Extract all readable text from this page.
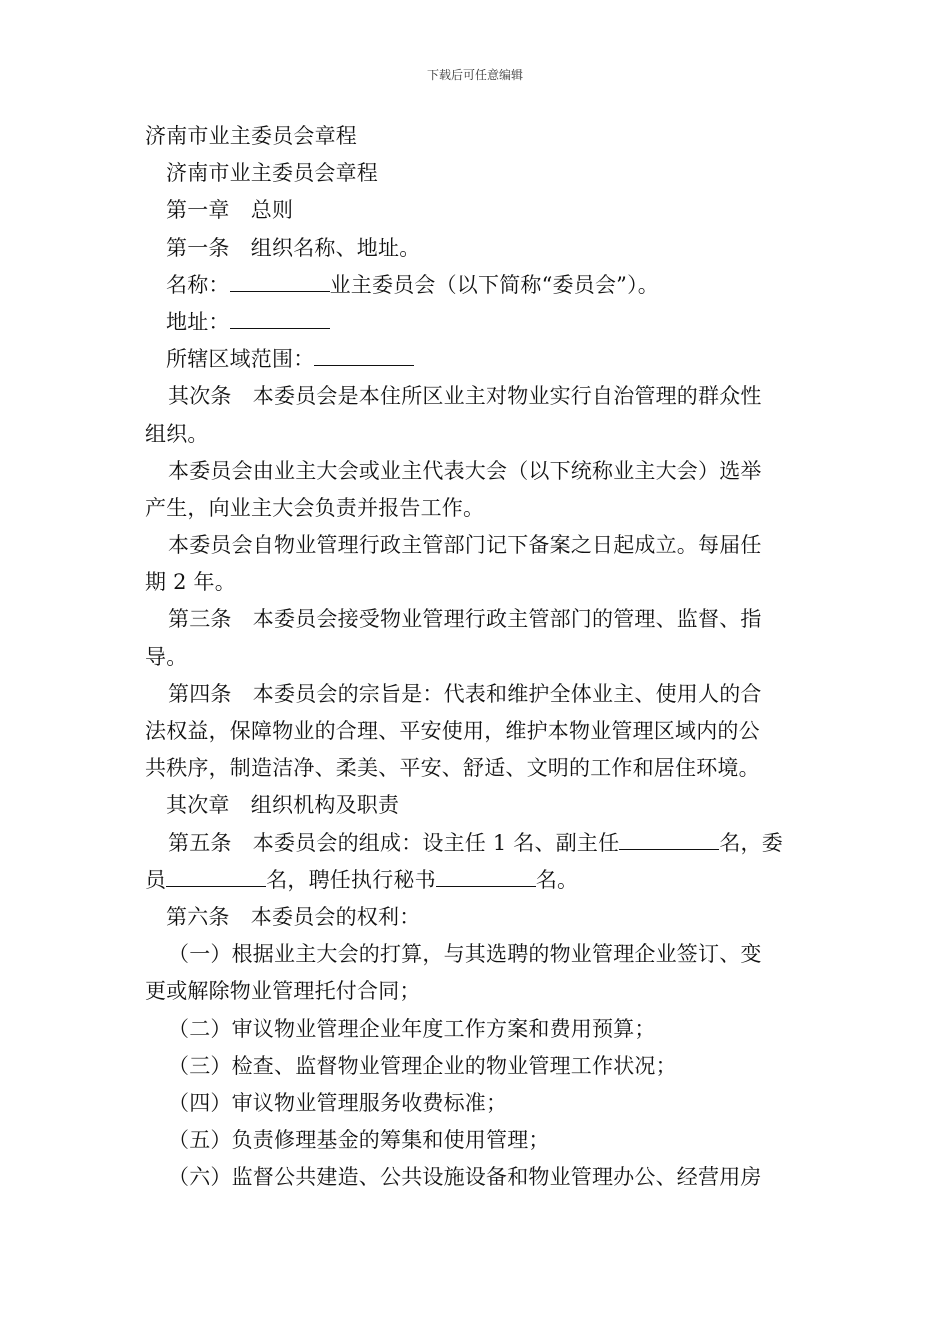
下载后可任意编辑
济南市业主委员会章程
济南市业主委员会章程
第一章　总则
第一条　组织名称、地址。
名称：	业主委员会（以下简称“委员会”）。
地址：
所辖区域范围：
其次条　本委员会是本住所区业主对物业实行自治管理的群众性
组织。
本委员会由业主大会或业主代表大会（以下统称业主大会）选举
产生，向业主大会负责并报告工作。
本委员会自物业管理行政主管部门记下备案之日起成立。每届任
期 2 年。
第三条　本委员会接受物业管理行政主管部门的管理、监督、指
导。
第四条　本委员会的宗旨是：代表和维护全体业主、使用人的合
法权益，保障物业的合理、平安使用，维护本物业管理区域内的公
共秩序，制造洁净、柔美、平安、舒适、文明的工作和居住环境。
其次章　组织机构及职责
第五条　本委员会的组成：设主任 1 名、副主任	名，委
员	名，聘任执行秘书	名。
第六条　本委员会的权利：
（一）根据业主大会的打算，与其选聘的物业管理企业签订、变
更或解除物业管理托付合同；
（二）审议物业管理企业年度工作方案和费用预算；
（三）检查、监督物业管理企业的物业管理工作状况；
（四）审议物业管理服务收费标准；
（五）负责修理基金的筹集和使用管理；
（六）监督公共建造、公共设施设备和物业管理办公、经营用房
